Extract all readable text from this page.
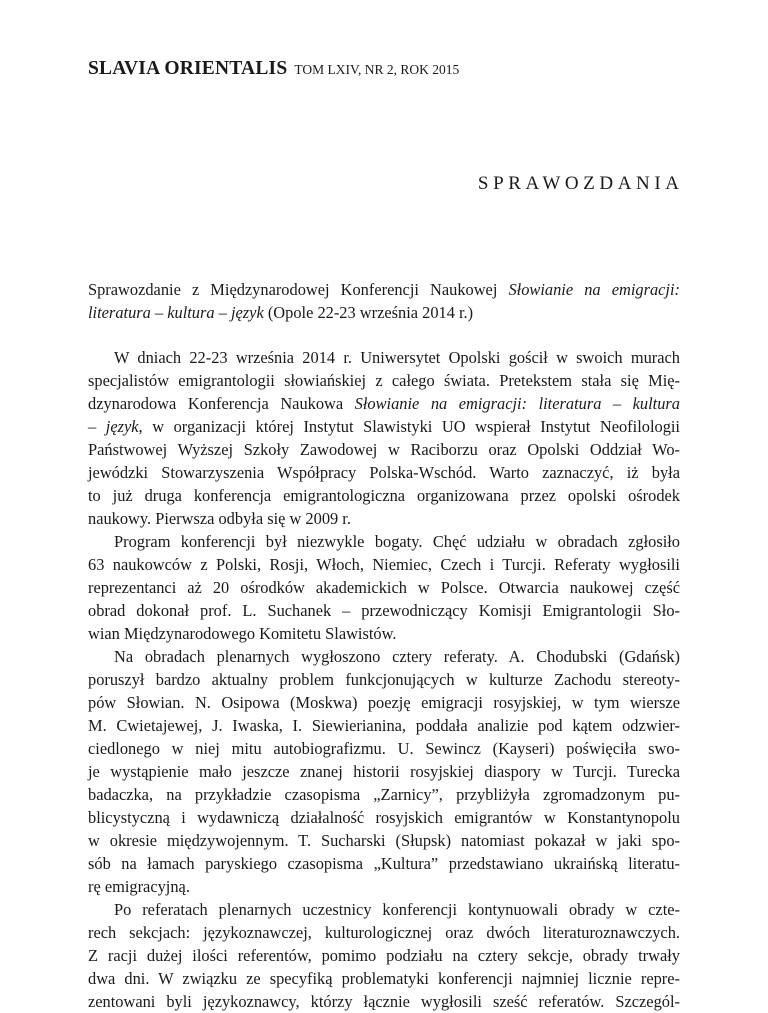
SLAVIA ORIENTALIS TOM LXIV, NR 2, ROK 2015
SPRAWOZDANIA
Sprawozdanie z Międzynarodowej Konferencji Naukowej Słowianie na emigracji:
literatura – kultura – język (Opole 22-23 września 2014 r.)
W dniach 22-23 września 2014 r. Uniwersytet Opolski gościł w swoich murach
specjalistów emigrantologii słowiańskiej z całego świata. Pretekstem stała się Mię-
dzynarodowa Konferencja Naukowa Słowianie na emigracji: literatura – kultura
– język, w organizacji której Instytut Slawistyki UO wspierał Instytut Neofilologii
Państwowej Wyższej Szkoły Zawodowej w Raciborzu oraz Opolski Oddział Wo-
jewódzki Stowarzyszenia Współpracy Polska-Wschód. Warto zaznaczyć, iż była
to już druga konferencja emigrantologiczna organizowana przez opolski ośrodek
naukowy. Pierwsza odbyła się w 2009 r.
Program konferencji był niezwykle bogaty. Chęć udziału w obradach zgłosiło
63 naukowców z Polski, Rosji, Włoch, Niemiec, Czech i Turcji. Referaty wygłosili
reprezentanci aż 20 ośrodków akademickich w Polsce. Otwarcia naukowej część
obrad dokonał prof. L. Suchanek – przewodniczący Komisji Emigrantologii Sło-
wian Międzynarodowego Komitetu Slawistów.
Na obradach plenarnych wygłoszono cztery referaty. A. Chodubski (Gdańsk)
poruszył bardzo aktualny problem funkcjonujących w kulturze Zachodu stereoty-
pów Słowian. N. Osipowa (Moskwa) poezję emigracji rosyjskiej, w tym wiersze
M. Cwietajewej, J. Iwaska, I. Siewierianina, poddała analizie pod kątem odzwier-
ciedlonego w niej mitu autobiografizmu. U. Sewincz (Kayseri) poświęciła swo-
je wystąpienie mało jeszcze znanej historii rosyjskiej diaspory w Turcji. Turecka
badaczka, na przykładzie czasopisma „Zarnicy”, przybliżyła zgromadzonym pu-
blicystyczną i wydawniczą działalność rosyjskich emigrantów w Konstantynopolu
w okresie międzywojennym. T. Sucharski (Słupsk) natomiast pokazał w jaki spo-
sób na łamach paryskiego czasopisma „Kultura” przedstawiano ukraińską literatu-
rę emigracyjną.
Po referatach plenarnych uczestnicy konferencji kontynuowali obrady w czte-
rech sekcjach: językoznawczej, kulturologicznej oraz dwóch literaturoznawczych.
Z racji dużej ilości referentów, pomimo podziału na cztery sekcje, obrady trwały
dwa dni. W związku ze specyfiką problematyki konferencji najmniej licznie repre-
zentowani byli językoznawcy, którzy łącznie wygłosili sześć referatów. Szczegól-
